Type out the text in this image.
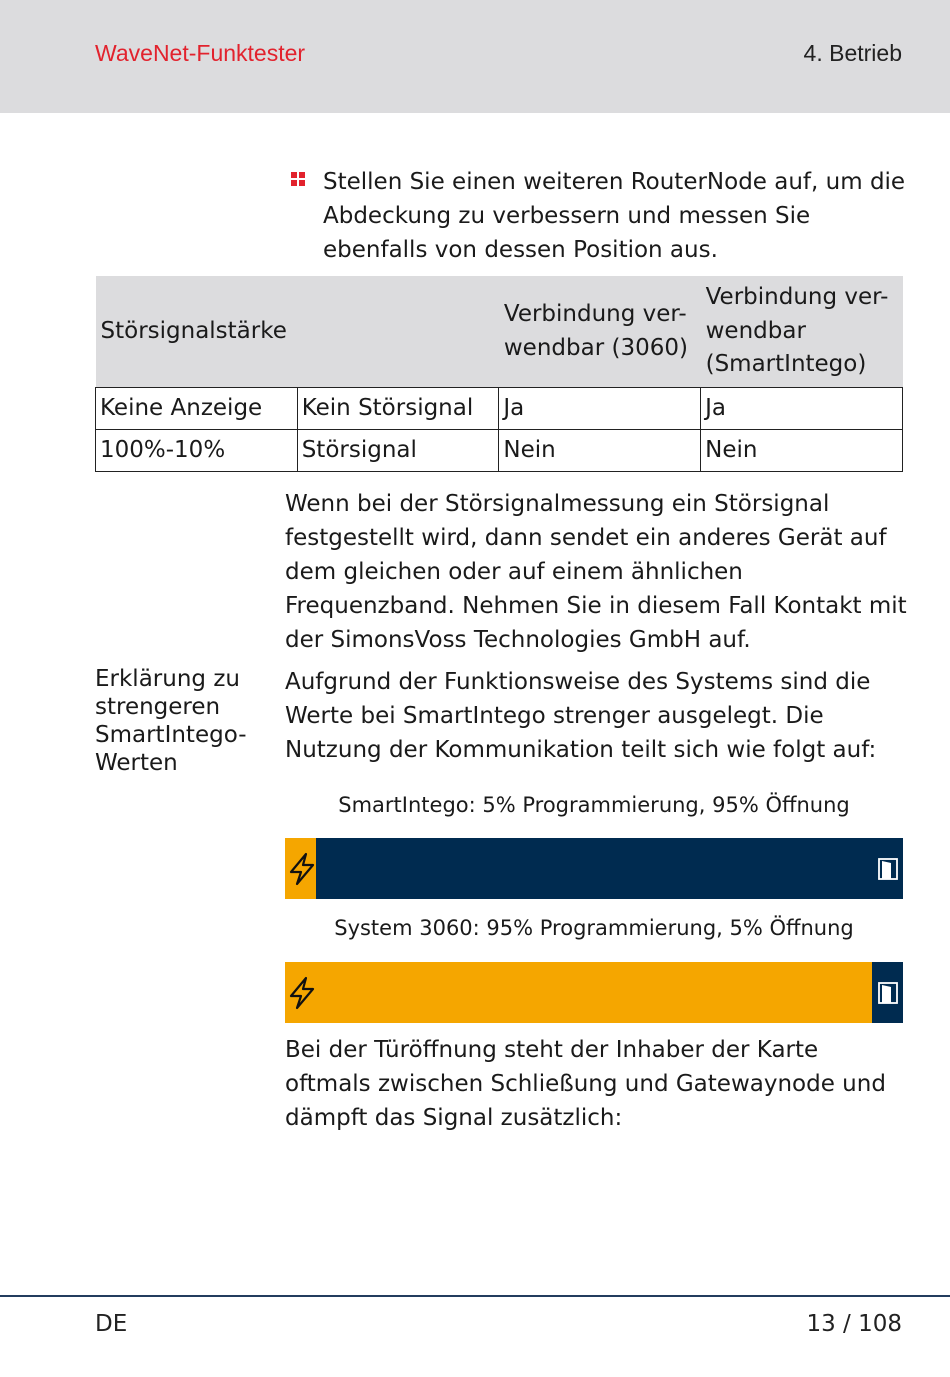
WaveNet-Funktester	4. Betrieb
Stellen Sie einen weiteren RouterNode auf, um die Abdeckung zu verbessern und messen Sie ebenfalls von dessen Position aus.
Störsignalstärke		Verbindung ver-wendbar (3060)	Verbindung ver-wendbar (SmartIntego)
Keine Anzeige	Kein Störsignal	Ja	Ja
100%-10%	Störsignal	Nein	Nein
Wenn bei der Störsignalmessung ein Störsignal festgestellt wird, dann sendet ein anderes Gerät auf dem gleichen oder auf einem ähnlichen Frequenzband. Nehmen Sie in diesem Fall Kontakt mit der SimonsVoss Technologies GmbH auf.
Erklärung zu strengeren SmartIntego-Werten
Aufgrund der Funktionsweise des Systems sind die Werte bei SmartIntego strenger ausgelegt. Die Nutzung der Kommunikation teilt sich wie folgt auf:
SmartIntego: 5% Programmierung, 95% Öffnung
System 3060: 95% Programmierung, 5% Öffnung
Bei der Türöffnung steht der Inhaber der Karte oftmals zwischen Schließung und Gatewaynode und dämpft das Signal zusätzlich:
DE	13 / 108
